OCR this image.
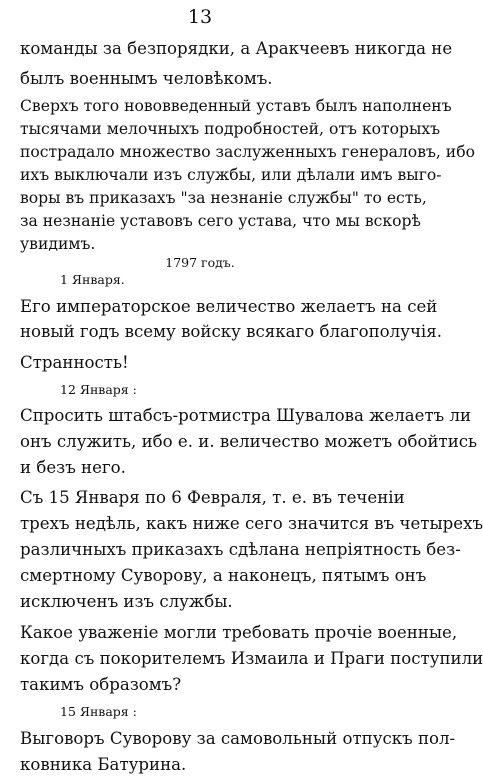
13
команды за безпорядки, а Аракчеевъ никогда не
былъ военнымъ человѣкомъ.
Сверхъ того нововведенный уставъ былъ наполненъ
тысячами мелочныхъ подробностей, отъ которыхъ
пострадало множество заслуженныхъ генераловъ, ибо
ихъ выключали изъ службы, или дѣлали имъ выго-
воры въ приказахъ "за незнаніе службы" то есть,
за незнаніе уставовъ сего устава, что мы вскорѣ
увидимъ.
1797 годъ.
1 Января.
Его императорское величество желаетъ на сей
новый годъ всему войску всякаго благополучія.
Странность!
12 Января :
Спросить штабсъ-ротмистра Шувалова желаетъ ли
онъ служить, ибо е. и. величество можетъ обойтись
и безъ него.
Съ 15 Января по 6 Февраля, т. е. въ теченіи
трехъ недѣль, какъ ниже сего значится въ четырехъ
различныхъ приказахъ сдѣлана непріятность без-
смертному Суворову, а наконецъ, пятымъ онъ
исключенъ изъ службы.
Какое уваженіе могли требовать прочіе военные,
когда съ покорителемъ Измаила и Праги поступили
такимъ образомъ?
15 Января :
Выговоръ Суворову за самовольный отпускъ пол-
ковника Батурина.
